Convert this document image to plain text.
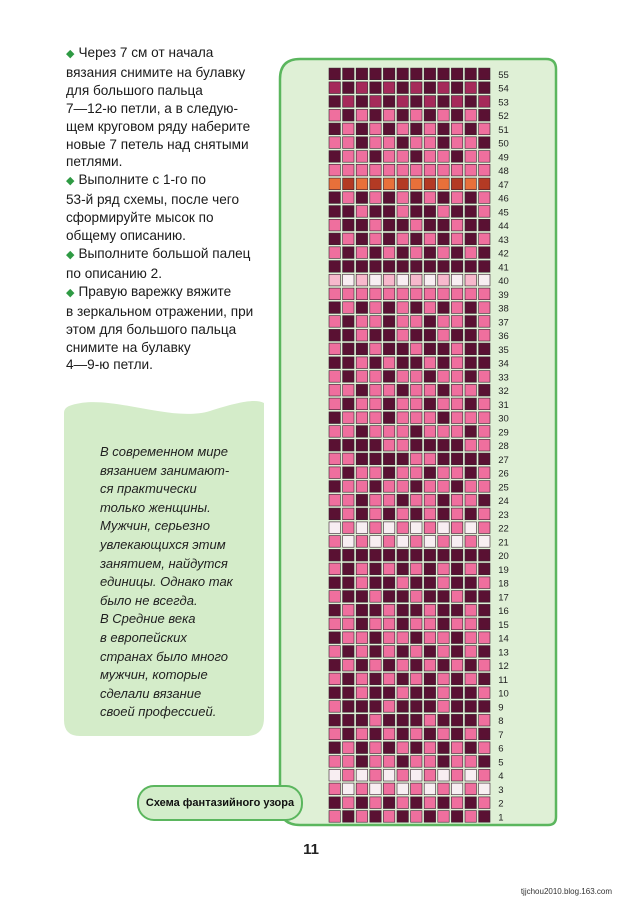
◆ Через 7 см от начала

вязания снимите на булавку

для большого пальца

7—12-ю петли, а в следую-

щем круговом ряду наберите

новые 7 петель над снятыми

петлями.

◆ Выполните с 1-го по

53-й ряд схемы, после чего

сформируйте мысок по

общему описанию.

◆ Выполните большой палец

по описанию 2.

◆ Правую варежку вяжите

в зеркальном отражении, при

этом для большого пальца

снимите на булавку

4—9-ю петли.

В современном мире
вязанием занимают-
ся практически
только женщины.
Мужчин, серьезно
увлекающихся этим
занятием, найдутся
единицы. Однако так
было не всегда.
В Средние века
в европейских
странах было много
мужчин, которые
сделали вязание
своей профессией.
55
54
53
52
51
50
49
48
47
46
45
44
43
42
41
40
39
38
37
36
35
34
33
32
31
30
29
28
27
26
25
24
23
22
21
20
19
18
17
16
15
14
13
12
11
10
9
8
7
6
5
4
3
2
1
Схема фантазийного узора
11
tjjchou2010.blog.163.com
